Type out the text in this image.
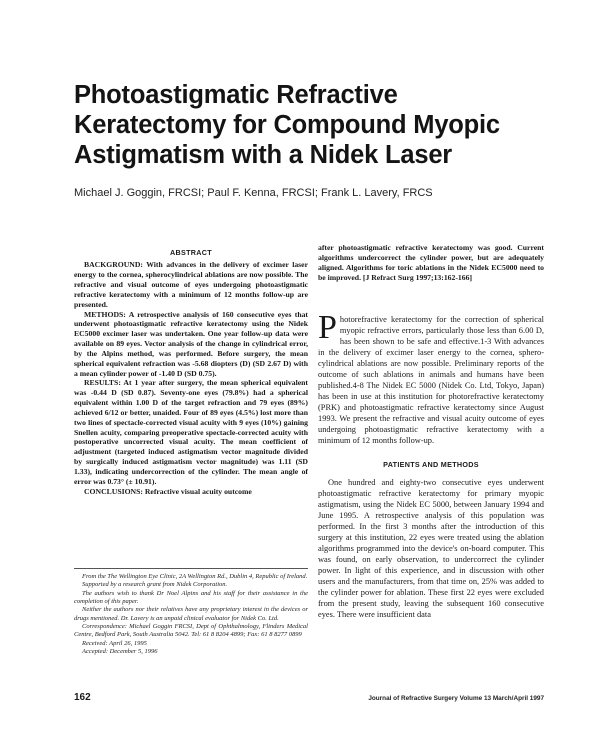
Photoastigmatic Refractive Keratectomy for Compound Myopic Astigmatism with a Nidek Laser
Michael J. Goggin, FRCSI; Paul F. Kenna, FRCSI; Frank L. Lavery, FRCS
ABSTRACT

BACKGROUND: With advances in the delivery of excimer laser energy to the cornea, spherocylindrical ablations are now possible. The refractive and visual outcome of eyes undergoing photoastigmatic refractive keratectomy with a minimum of 12 months follow-up are presented.

METHODS: A retrospective analysis of 160 consecutive eyes that underwent photoastigmatic refractive keratectomy using the Nidek EC5000 excimer laser was undertaken. One year follow-up data were available on 89 eyes. Vector analysis of the change in cylindrical error, by the Alpins method, was performed. Before surgery, the mean spherical equivalent refraction was -5.68 diopters (D) (SD 2.67 D) with a mean cylinder power of -1.40 D (SD 0.75).

RESULTS: At 1 year after surgery, the mean spherical equivalent was -0.44 D (SD 0.87). Seventy-one eyes (79.8%) had a spherical equivalent within 1.00 D of the target refraction and 79 eyes (89%) achieved 6/12 or better, unaided. Four of 89 eyes (4.5%) lost more than two lines of spectacle-corrected visual acuity with 9 eyes (10%) gaining Snellen acuity, comparing preoperative spectacle-corrected acuity with postoperative uncorrected visual acuity. The mean coefficient of adjustment (targeted induced astigmatism vector magnitude divided by surgically induced astigmatism vector magnitude) was 1.11 (SD 1.33), indicating undercorrection of the cylinder. The mean angle of error was 0.73° (± 10.91).

CONCLUSIONS: Refractive visual acuity outcome

after photoastigmatic refractive keratectomy was good. Current algorithms undercorrect the cylinder power, but are adequately aligned. Algorithms for toric ablations in the Nidek EC5000 need to be improved. [J Refract Surg 1997;13:162-166]

Photorefractive keratectomy for the correction of spherical myopic refractive errors, particularly those less than 6.00 D, has been shown to be safe and effective.1-3 With advances in the delivery of excimer laser energy to the cornea, sphero-cylindrical ablations are now possible. Preliminary reports of the outcome of such ablations in animals and humans have been published.4-8 The Nidek EC 5000 (Nidek Co. Ltd, Tokyo, Japan) has been in use at this institution for photorefractive keratectomy (PRK) and photoastigmatic refractive keratectomy since August 1993. We present the refractive and visual acuity outcome of eyes undergoing photoastigmatic refractive keratectomy with a minimum of 12 months follow-up.

PATIENTS AND METHODS

One hundred and eighty-two consecutive eyes underwent photoastigmatic refractive keratectomy for primary myopic astigmatism, using the Nidek EC 5000, between January 1994 and June 1995. A retrospective analysis of this population was performed. In the first 3 months after the introduction of this surgery at this institution, 22 eyes were treated using the ablation algorithms programmed into the device's on-board computer. This was found, on early observation, to undercorrect the cylinder power. In light of this experience, and in discussion with other users and the manufacturers, from that time on, 25% was added to the cylinder power for ablation. These first 22 eyes were excluded from the present study, leaving the subsequent 160 consecutive eyes. There were insufficient data

From the The Wellington Eye Clinic, 2A Wellington Rd., Dublin 4, Republic of Ireland.

Supported by a research grant from Nidek Corporation.

The authors wish to thank Dr Noel Alpins and his staff for their assistance in the completion of this paper.

Neither the authors nor their relatives have any proprietary interest in the devices or drugs mentioned. Dr. Lavery is an unpaid clinical evaluator for Nidek Co. Ltd.

Correspondence: Michael Goggin FRCSI, Dept of Ophthalmology, Flinders Medical Centre, Bedford Park, South Australia 5042. Tel: 61 8 8204 4899; Fax: 61 8 8277 0899

Received: April 26, 1995

Accepted: December 5, 1996

162	Journal of Refractive Surgery Volume 13 March/April 1997
